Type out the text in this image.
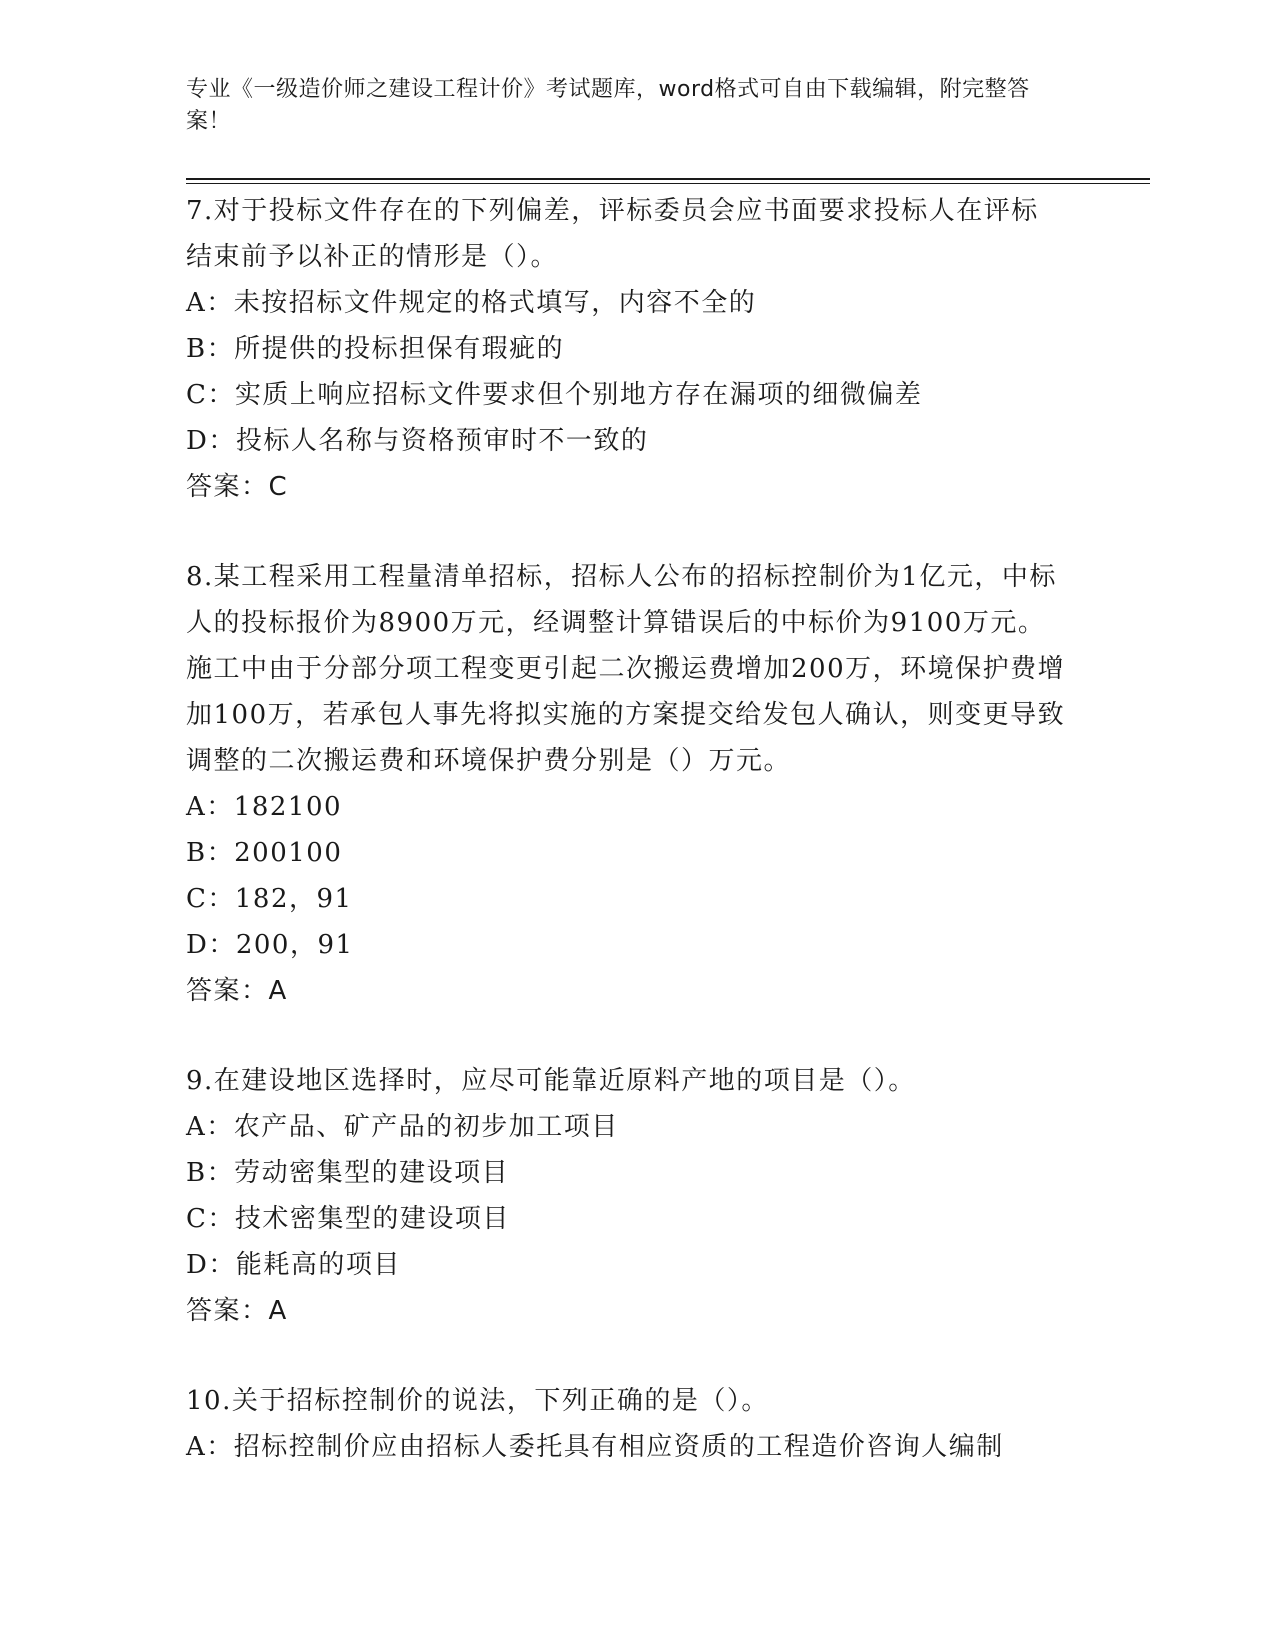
专业《一级造价师之建设工程计价》考试题库，word格式可自由下载编辑，附完整答案！

7.对于投标文件存在的下列偏差，评标委员会应书面要求投标人在评标结束前予以补正的情形是（）。

A：未按招标文件规定的格式填写，内容不全的

B：所提供的投标担保有瑕疵的

C：实质上响应招标文件要求但个别地方存在漏项的细微偏差

D：投标人名称与资格预审时不一致的

答案：C

8.某工程采用工程量清单招标，招标人公布的招标控制价为1亿元，中标人的投标报价为8900万元，经调整计算错误后的中标价为9100万元。施工中由于分部分项工程变更引起二次搬运费增加200万，环境保护费增加100万，若承包人事先将拟实施的方案提交给发包人确认，则变更导致调整的二次搬运费和环境保护费分别是（）万元。

A：182100

B：200100

C：182，91

D：200，91

答案：A

9.在建设地区选择时，应尽可能靠近原料产地的项目是（）。

A：农产品、矿产品的初步加工项目

B：劳动密集型的建设项目

C：技术密集型的建设项目

D：能耗高的项目

答案：A

10.关于招标控制价的说法，下列正确的是（）。

A：招标控制价应由招标人委托具有相应资质的工程造价咨询人编制
